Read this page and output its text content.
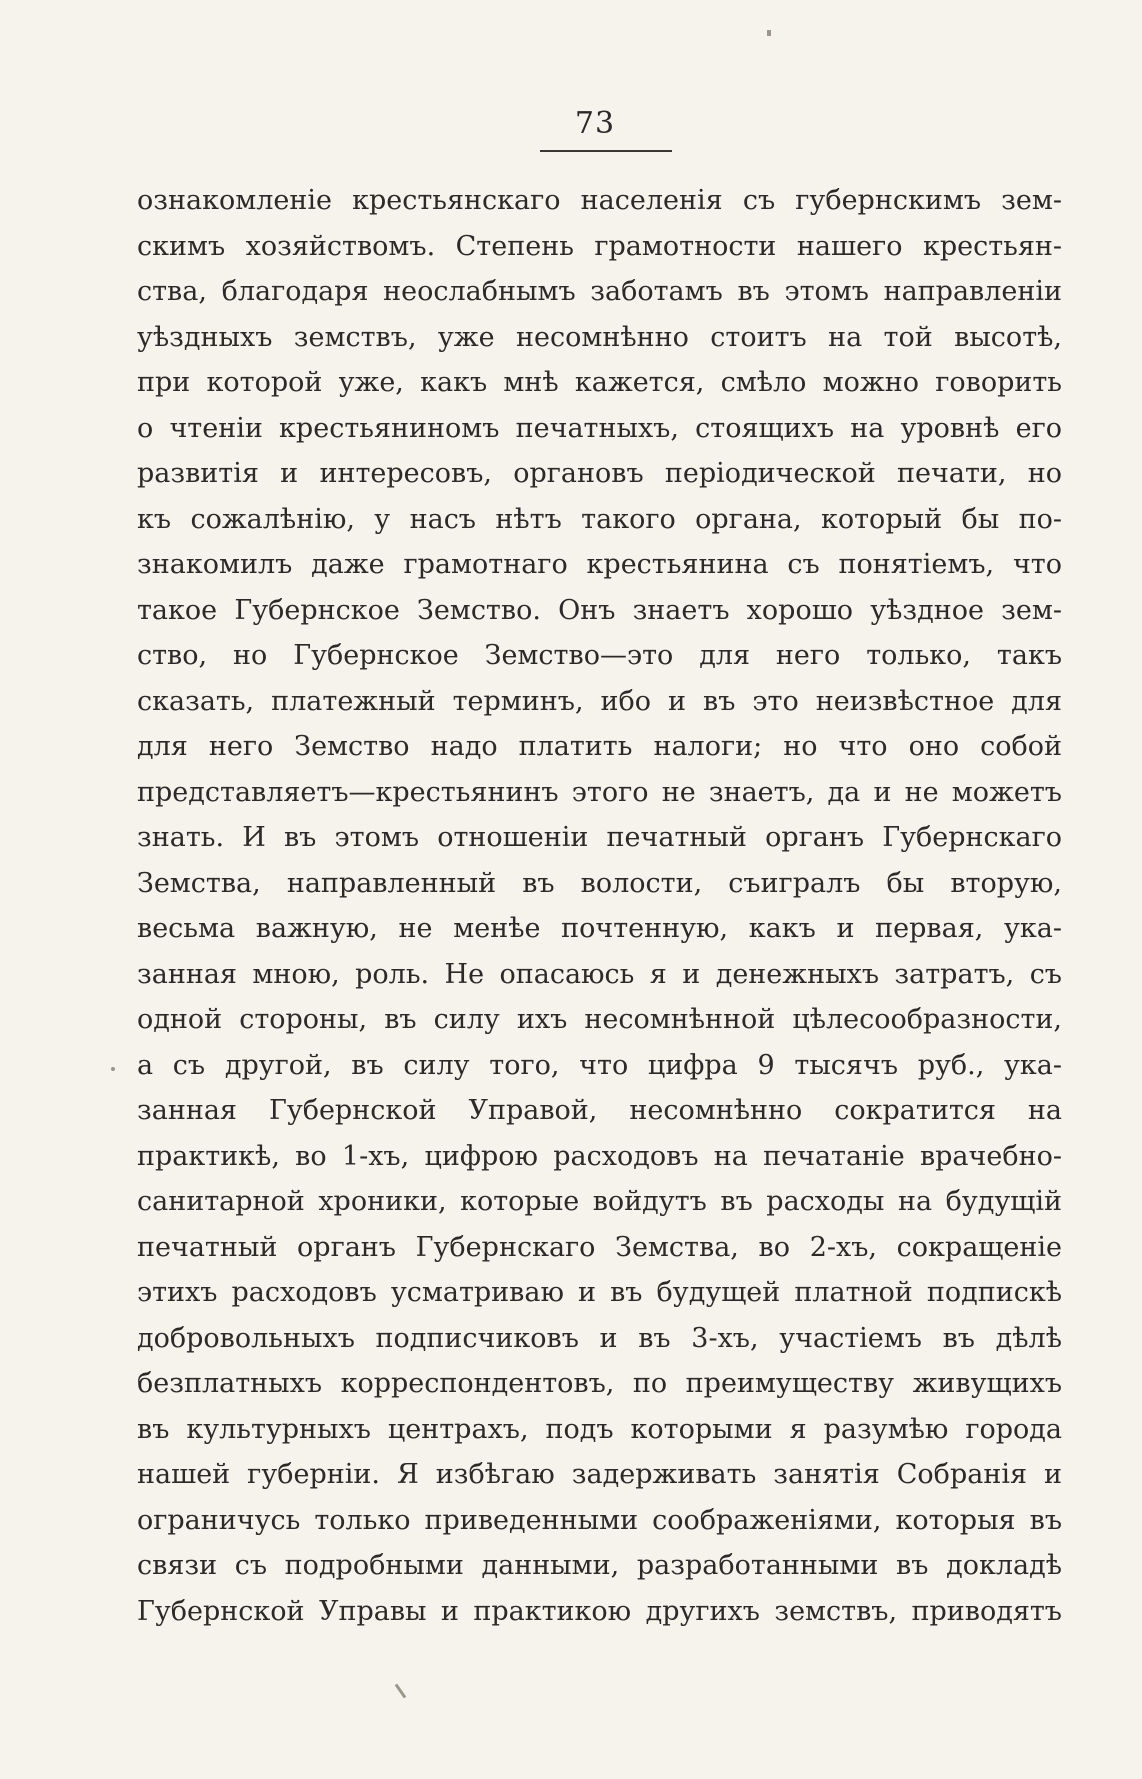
73
ознакомленіе крестьянскаго населенія съ губернскимъ зем-
скимъ хозяйствомъ. Степень грамотности нашего крестьян-
ства, благодаря неослабнымъ заботамъ въ этомъ направленіи
уѣздныхъ земствъ, уже несомнѣнно стоитъ на той высотѣ,
при которой уже, какъ мнѣ кажется, смѣло можно говорить
о чтеніи крестьяниномъ печатныхъ, стоящихъ на уровнѣ его
развитія и интересовъ, органовъ періодической печати, но
къ сожалѣнію, у насъ нѣтъ такого органа, который бы по-
знакомилъ даже грамотнаго крестьянина съ понятіемъ, что
такое Губернское Земство. Онъ знаетъ хорошо уѣздное зем-
ство, но Губернское Земство—это для него только, такъ
сказать, платежный терминъ, ибо и въ это неизвѣстное для
для него Земство надо платить налоги; но что оно собой
представляетъ—крестьянинъ этого не знаетъ, да и не можетъ
знать. И въ этомъ отношеніи печатный органъ Губернскаго
Земства, направленный въ волости, съигралъ бы вторую,
весьма важную, не менѣе почтенную, какъ и первая, ука-
занная мною, роль. Не опасаюсь я и денежныхъ затратъ, съ
одной стороны, въ силу ихъ несомнѣнной цѣлесообразности,
а съ другой, въ силу того, что цифра 9 тысячъ руб., ука-
занная Губернской Управой, несомнѣнно сократится на
практикѣ, во 1-хъ, цифрою расходовъ на печатаніе врачебно-
санитарной хроники, которые войдутъ въ расходы на будущій
печатный органъ Губернскаго Земства, во 2-хъ, сокращеніе
этихъ расходовъ усматриваю и въ будущей платной подпискѣ
добровольныхъ подписчиковъ и въ 3-хъ, участіемъ въ дѣлѣ
безплатныхъ корреспондентовъ, по преимуществу живущихъ
въ культурныхъ центрахъ, подъ которыми я разумѣю города
нашей губерніи. Я избѣгаю задерживать занятія Собранія и
ограничусь только приведенными соображеніями, которыя въ
связи съ подробными данными, разработанными въ докладѣ
Губернской Управы и практикою другихъ земствъ, приводятъ
